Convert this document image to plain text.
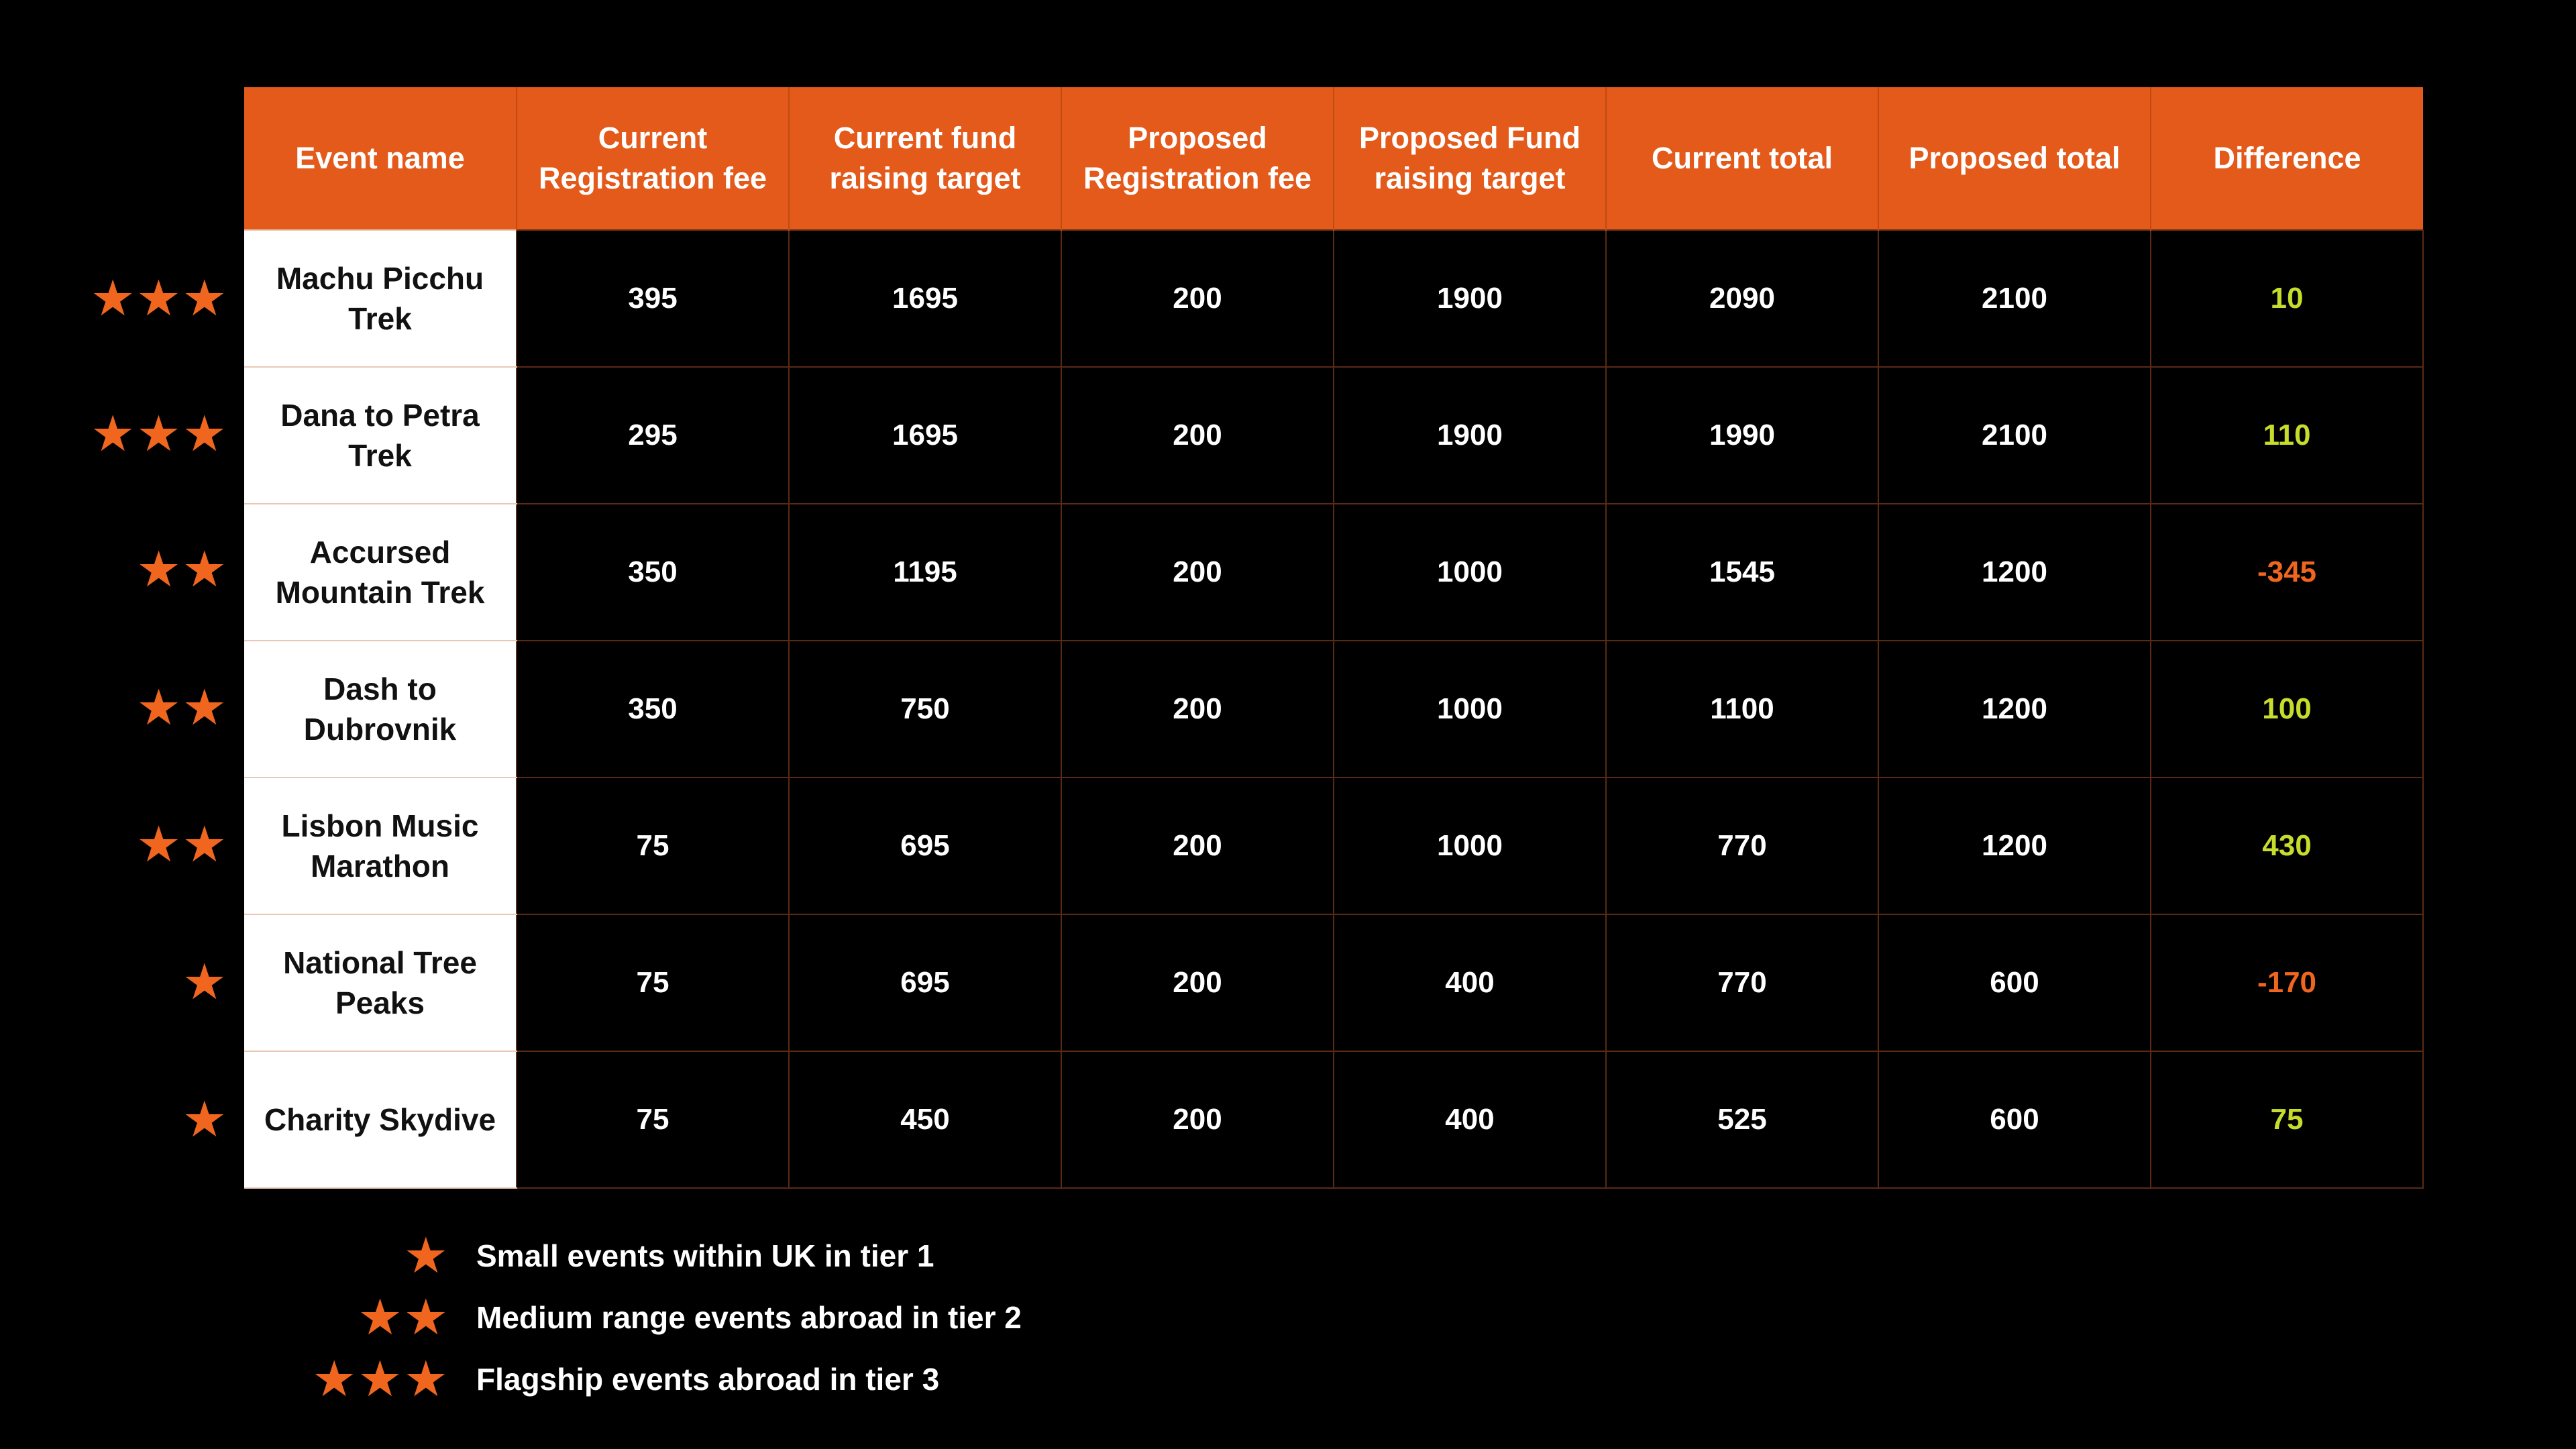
Event name	Current Registration fee	Current fund raising target	Proposed Registration fee	Proposed Fund raising target	Current total	Proposed total	Difference
Machu Picchu Trek	395	1695	200	1900	2090	2100	10
Dana to Petra Trek	295	1695	200	1900	1990	2100	110
Accursed Mountain Trek	350	1195	200	1000	1545	1200	-345
Dash to Dubrovnik	350	750	200	1000	1100	1200	100
Lisbon Music Marathon	75	695	200	1000	770	1200	430
National Tree Peaks	75	695	200	400	770	600	-170
Charity Skydive	75	450	200	400	525	600	75
★★★
★★★
★★
★★
★★
★
★
★ Small events within UK in tier 1
★★ Medium range events abroad in tier 2
★★★ Flagship events abroad in tier 3
